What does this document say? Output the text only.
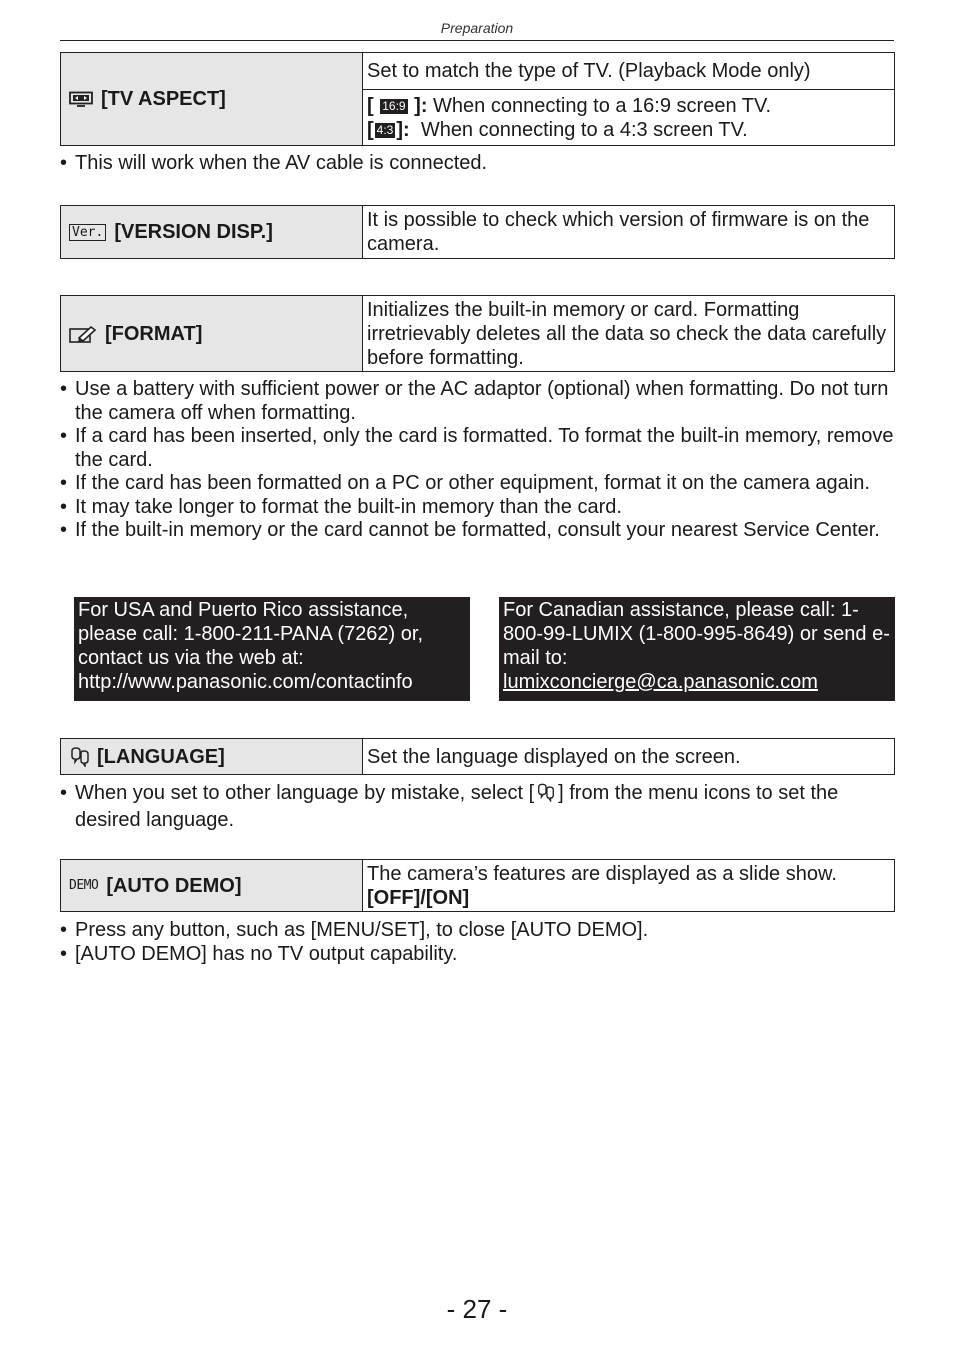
Preparation
[TV ASPECT]
	Set to match the type of TV. (Playback Mode only)

[ 16:9 ]: When connecting to a 16:9 screen TV.
[ 4:3 ]: When connecting to a 4:3 screen TV.
• This will work when the AV cable is connected.
Ver. [VERSION DISP.]
	It is possible to check which version of firmware is on the camera.
[FORMAT]
	Initializes the built-in memory or card. Formatting irretrievably deletes all the data so check the data carefully before formatting.
• Use a battery with sufficient power or the AC adaptor (optional) when formatting. Do not turn the camera off when formatting.
• If a card has been inserted, only the card is formatted. To format the built-in memory, remove the card.
• If the card has been formatted on a PC or other equipment, format it on the camera again.
• It may take longer to format the built-in memory than the card.
• If the built-in memory or the card cannot be formatted, consult your nearest Service Center.
For USA and Puerto Rico assistance, please call: 1-800-211-PANA (7262) or, contact us via the web at: http://www.panasonic.com/contactinfo
For Canadian assistance, please call: 1-800-99-LUMIX (1-800-995-8649) or send e-mail to:
lumixconcierge@ca.panasonic.com
[LANGUAGE]	Set the language displayed on the screen.
• When you set to other language by mistake, select [ ] from the menu icons to set the desired language.
DEMO [AUTO DEMO]

The camera’s features are displayed as a slide show.
[OFF]/[ON]
• Press any button, such as [MENU/SET], to close [AUTO DEMO].
• [AUTO DEMO] has no TV output capability.
- 27 -
